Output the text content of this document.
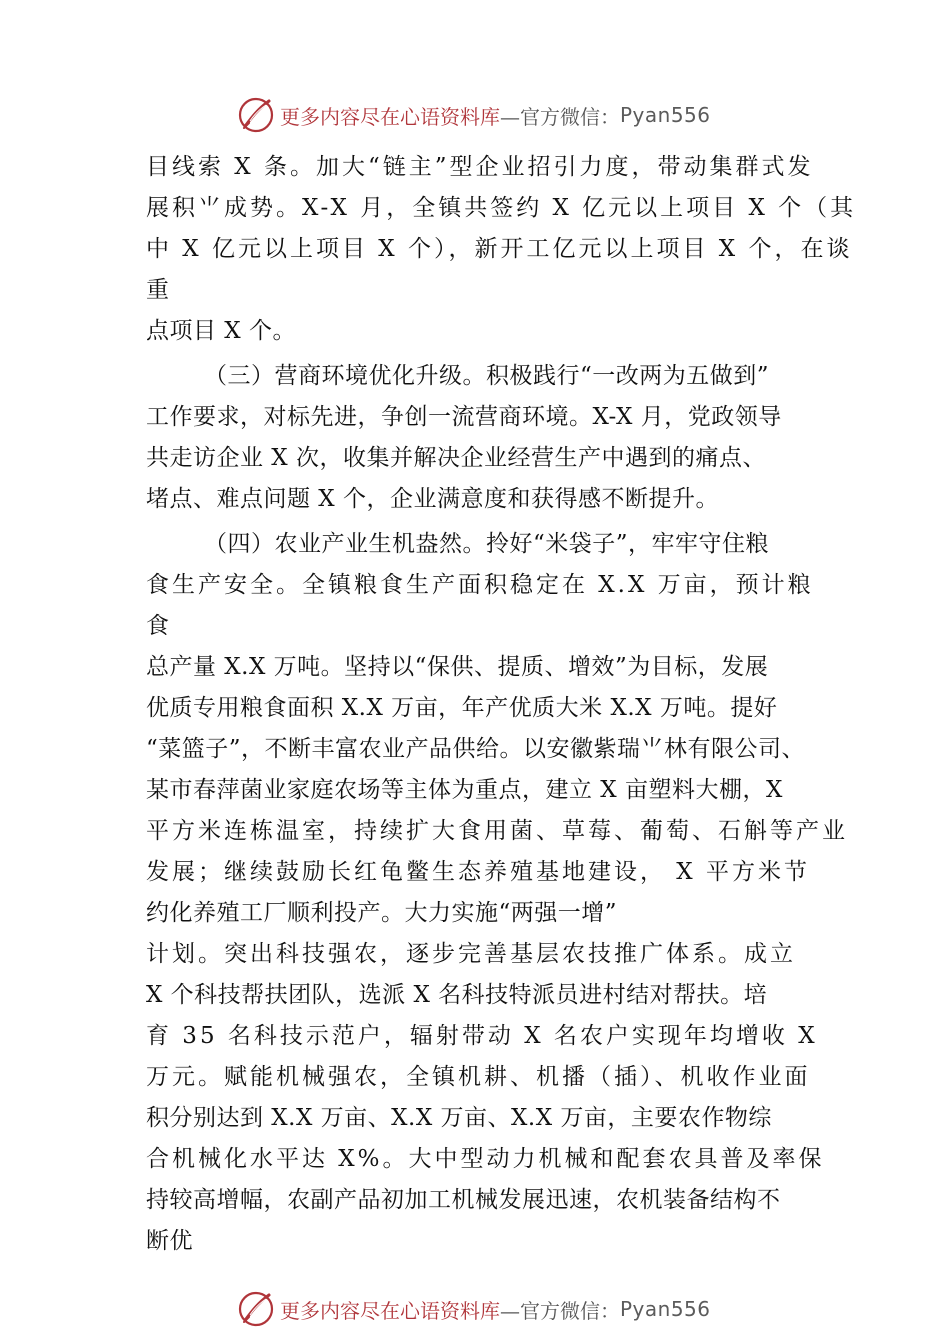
更多内容尽在心语资料库 —官方微信： Pyan556
目线索 X 条。加大“链主”型企业招引力度，带动集群式发
展积⺌成势。X-X 月，全镇共签约 X 亿元以上项目 X 个（其
中 X 亿元以上项目 X 个），新开工亿元以上项目 X 个，在谈
重
点项目 X 个。
（三）营商环境优化升级。积极践行“一改两为五做到”
工作要求，对标先进，争创一流营商环境。X-X 月，党政领导
共走访企业 X 次，收集并解决企业经营生产中遇到的痛点、
堵点、难点问题 X 个，企业满意度和获得感不断提升。
（四）农业产业生机盎然。拎好“米袋子”，牢牢守住粮
食生产安全。全镇粮食生产面积稳定在 X.X 万亩，预计粮
食
总产量 X.X 万吨。坚持以“保供、提质、增效”为目标，发展
优质专用粮食面积 X.X 万亩，年产优质大米 X.X 万吨。提好
“菜篮子”，不断丰富农业产品供给。以安徽紫瑞⺌林有限公司、
某市春萍菌业家庭农场等主体为重点，建立 X 亩塑料大棚，X
平方米连栋温室，持续扩大食用菌、草莓、葡萄、石斛等产业
发展；继续鼓励长红龟鳖生态养殖基地建设， X 平方米节
约化养殖工厂顺利投产。大力实施“两强一增”
计划。突出科技强农，逐步完善基层农技推广体系。成立
X 个科技帮扶团队，选派 X 名科技特派员进村结对帮扶。培
育 35 名科技示范户，辐射带动 X 名农户实现年均增收 X
万元。赋能机械强农，全镇机耕、机播（插）、机收作业面
积分别达到 X.X 万亩、X.X 万亩、X.X 万亩，主要农作物综
合机械化水平达 X%。大中型动力机械和配套农具普及率保
持较高增幅，农副产品初加工机械发展迅速，农机装备结构不
断优
更多内容尽在心语资料库 —官方微信： Pyan556
